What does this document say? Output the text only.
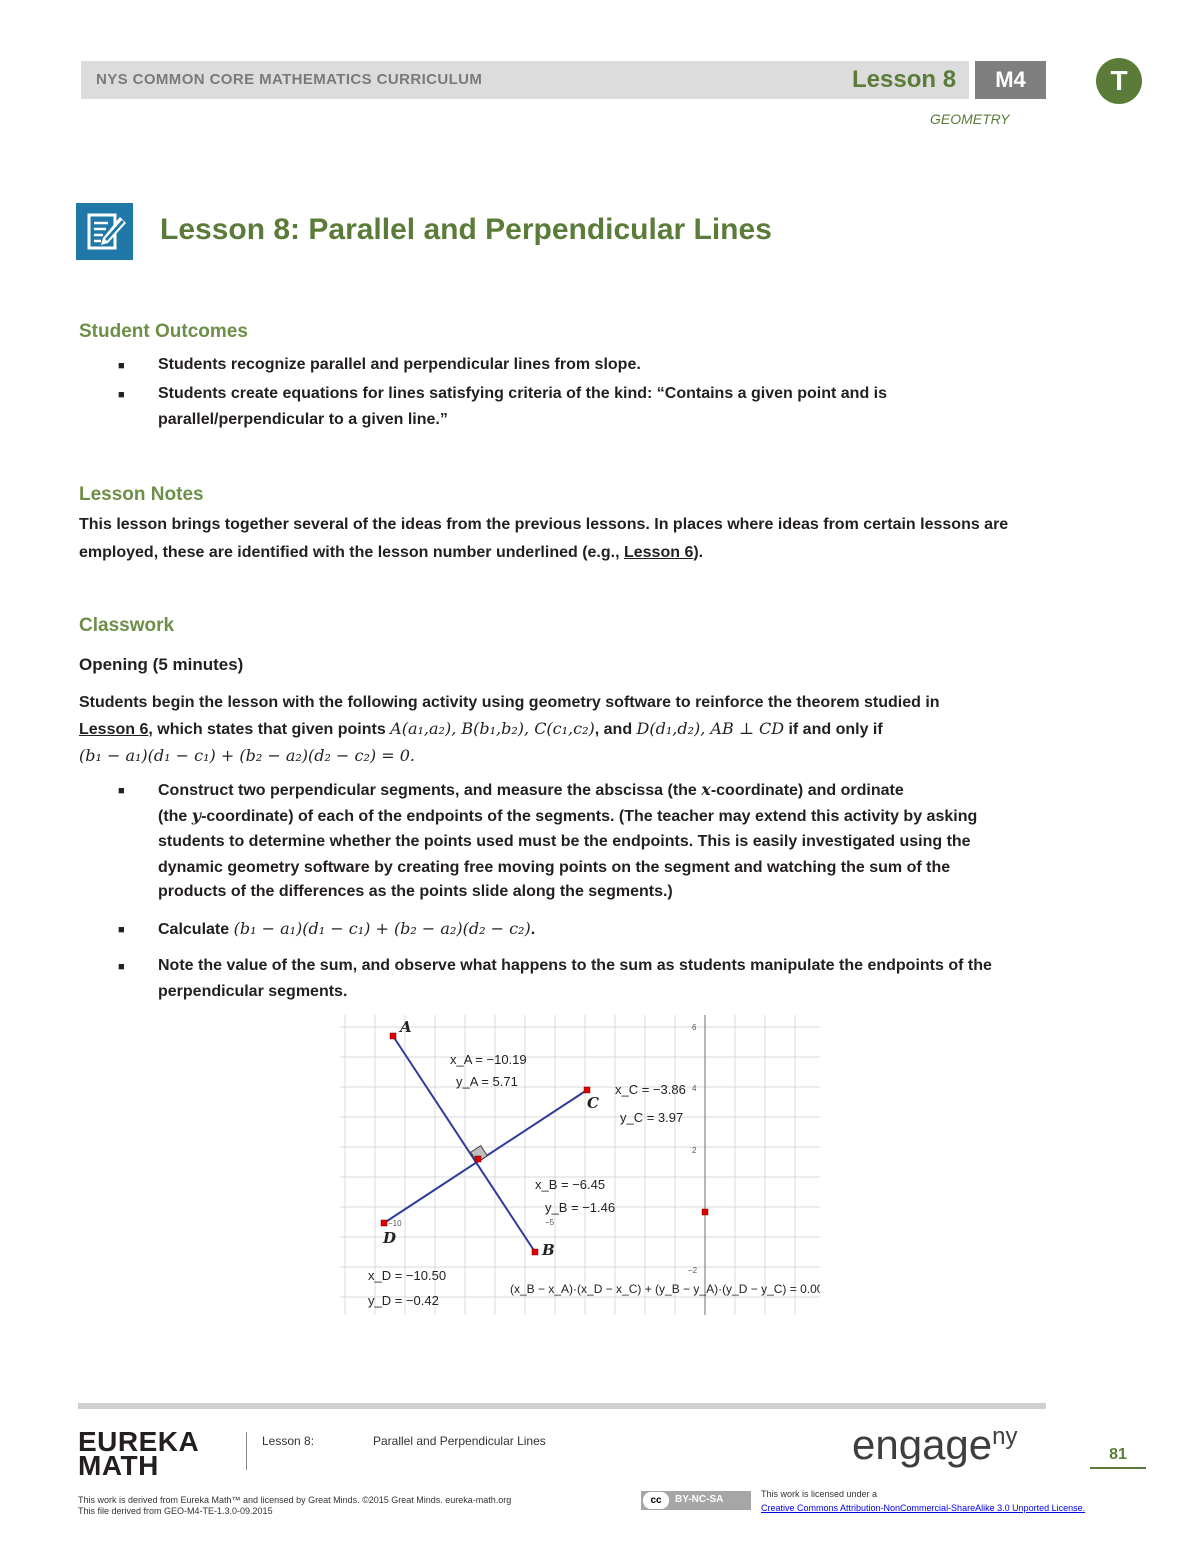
NYS COMMON CORE MATHEMATICS CURRICULUM	Lesson 8	M4	T
GEOMETRY
Lesson 8: Parallel and Perpendicular Lines
Student Outcomes
■ Students recognize parallel and perpendicular lines from slope.
■ Students create equations for lines satisfying criteria of the kind: “Contains a given point and is
parallel/perpendicular to a given line.”
Lesson Notes
This lesson brings together several of the ideas from the previous lessons. In places where ideas from certain lessons are
employed, these are identified with the lesson number underlined (e.g., Lesson 6).
Classwork
Opening (5 minutes)
Students begin the lesson with the following activity using geometry software to reinforce the theorem studied in
Lesson 6, which states that given points A(a₁,a₂), B(b₁,b₂), C(c₁,c₂), and D(d₁,d₂), AB ⊥ CD if and only if
(b₁ − a₁)(d₁ − c₁) + (b₂ − a₂)(d₂ − c₂) = 0.
■ Construct two perpendicular segments, and measure the abscissa (the x-coordinate) and ordinate
(the y-coordinate) of each of the endpoints of the segments. (The teacher may extend this activity by asking
students to determine whether the points used must be the endpoints. This is easily investigated using the
dynamic geometry software by creating free moving points on the segment and watching the sum of the
products of the differences as the points slide along the segments.)
■ Calculate (b₁ − a₁)(d₁ − c₁) + (b₂ − a₂)(d₂ − c₂).
■ Note the value of the sum, and observe what happens to the sum as students manipulate the endpoints of the
perpendicular segments.
6
4
2
−2
−10	−5
A
B
C
D
x_A = −10.19
y_A = 5.71
x_C = −3.86
y_C = 3.97
x_B = −6.45
y_B = −1.46
x_D = −10.50
y_D = −0.42
(x_B − x_A)·(x_D − x_C) + (y_B − y_A)·(y_D − y_C) = 0.00
EUREKA
MATH
Lesson 8:	Parallel and Perpendicular Lines	engage$^{ny}$
81
This work is derived from Eureka Math™ and licensed by Great Minds. ©2015 Great Minds. eureka-math.org
This file derived from GEO-M4-TE-1.3.0-09.2015
cc	BY-NC-SA	This work is licensed under a
Creative Commons Attribution-NonCommercial-ShareAlike 3.0 Unported License.
